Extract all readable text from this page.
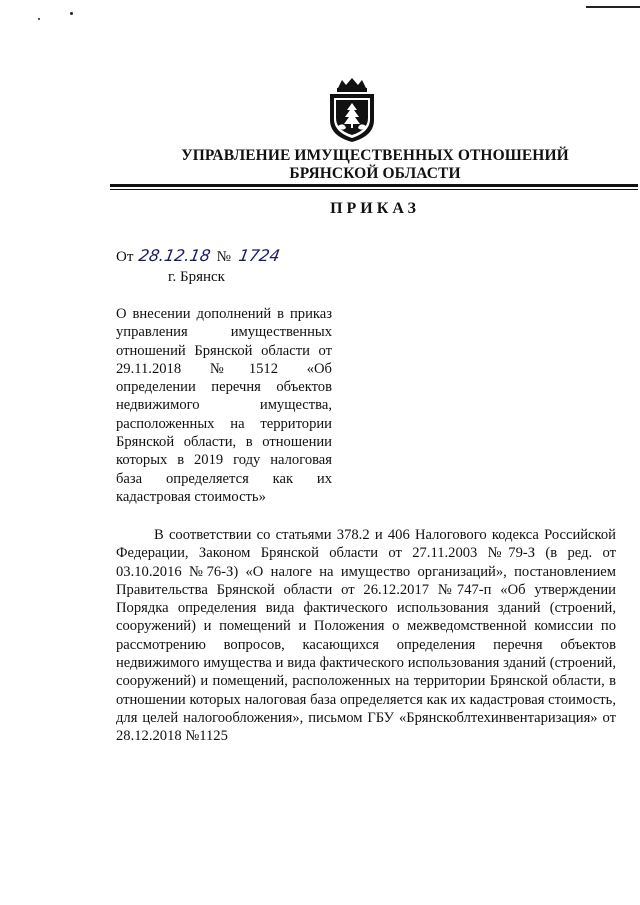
УПРАВЛЕНИЕ ИМУЩЕСТВЕННЫХ ОТНОШЕНИЙ
БРЯНСКОЙ ОБЛАСТИ
ПРИКАЗ
От 28.12.18 № 1724
г. Брянск

О внесении дополнений в приказ управления имущественных отношений Брянской области от 29.11.2018 №1512 «Об определении перечня объектов недвижимого имущества, расположенных на территории Брянской области, в отношении которых в 2019 году налоговая база определяется как их кадастровая стоимость»

В соответствии со статьями 378.2 и 406 Налогового кодекса Российской Федерации, Законом Брянской области от 27.11.2003 №79-З (в ред. от 03.10.2016 №76-З) «О налоге на имущество организаций», постановлением Правительства Брянской области от 26.12.2017 №747-п «Об утверждении Порядка определения вида фактического использования зданий (строений, сооружений) и помещений и Положения о межведомственной комиссии по рассмотрению вопросов, касающихся определения перечня объектов недвижимого имущества и вида фактического использования зданий (строений, сооружений) и помещений, расположенных на территории Брянской области, в отношении которых налоговая база определяется как их кадастровая стоимость, для целей налогообложения», письмом ГБУ «Брянскоблтехинвентаризация» от 28.12.2018 №1125
